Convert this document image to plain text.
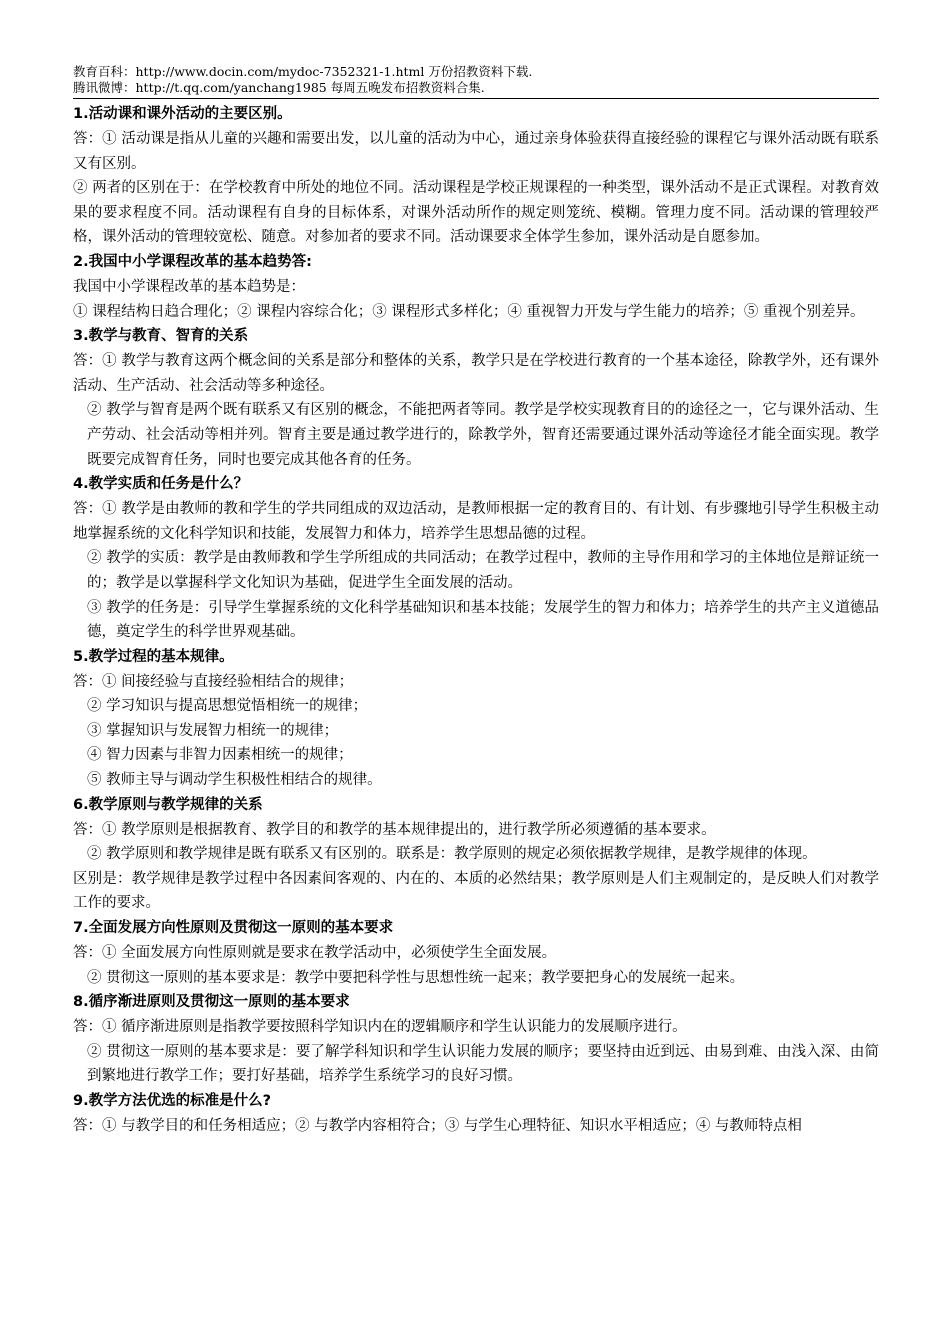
教育百科：http://www.docin.com/mydoc-7352321-1.html 万份招教资料下载.
腾讯微博：http://t.qq.com/yanchang1985 每周五晚发布招教资料合集.
1.活动课和课外活动的主要区别。
答：① 活动课是指从儿童的兴趣和需要出发，以儿童的活动为中心，通过亲身体验获得直接经验的课程它与课外活动既有联系又有区别。
② 两者的区别在于：在学校教育中所处的地位不同。活动课程是学校正规课程的一种类型，课外活动不是正式课程。对教育效果的要求程度不同。活动课程有自身的目标体系，对课外活动所作的规定则笼统、模糊。管理力度不同。活动课的管理较严格，课外活动的管理较宽松、随意。对参加者的要求不同。活动课要求全体学生参加，课外活动是自愿参加。
2.我国中小学课程改革的基本趋势答:
我国中小学课程改革的基本趋势是：
① 课程结构日趋合理化；② 课程内容综合化；③ 课程形式多样化；④ 重视智力开发与学生能力的培养；⑤ 重视个别差异。
3.教学与教育、智育的关系
答：① 教学与教育这两个概念间的关系是部分和整体的关系，教学只是在学校进行教育的一个基本途径，除教学外，还有课外活动、生产活动、社会活动等多种途径。
② 教学与智育是两个既有联系又有区别的概念，不能把两者等同。教学是学校实现教育目的的途径之一，它与课外活动、生产劳动、社会活动等相并列。智育主要是通过教学进行的，除教学外，智育还需要通过课外活动等途径才能全面实现。教学既要完成智育任务，同时也要完成其他各育的任务。
4.教学实质和任务是什么？
答：① 教学是由教师的教和学生的学共同组成的双边活动，是教师根据一定的教育目的、有计划、有步骤地引导学生积极主动地掌握系统的文化科学知识和技能，发展智力和体力，培养学生思想品德的过程。
② 教学的实质：教学是由教师教和学生学所组成的共同活动；在教学过程中，教师的主导作用和学习的主体地位是辩证统一的；教学是以掌握科学文化知识为基础，促进学生全面发展的活动。
③ 教学的任务是：引导学生掌握系统的文化科学基础知识和基本技能；发展学生的智力和体力；培养学生的共产主义道德品德，奠定学生的科学世界观基础。
5.教学过程的基本规律。
答：① 间接经验与直接经验相结合的规律；
② 学习知识与提高思想觉悟相统一的规律；
③ 掌握知识与发展智力相统一的规律；
④ 智力因素与非智力因素相统一的规律；
⑤ 教师主导与调动学生积极性相结合的规律。
6.教学原则与教学规律的关系
答：① 教学原则是根据教育、教学目的和教学的基本规律提出的，进行教学所必须遵循的基本要求。
② 教学原则和教学规律是既有联系又有区别的。联系是：教学原则的规定必须依据教学规律，是教学规律的体现。
区别是：教学规律是教学过程中各因素间客观的、内在的、本质的必然结果；教学原则是人们主观制定的，是反映人们对教学工作的要求。
7.全面发展方向性原则及贯彻这一原则的基本要求
答：① 全面发展方向性原则就是要求在教学活动中，必须使学生全面发展。
② 贯彻这一原则的基本要求是：教学中要把科学性与思想性统一起来；教学要把身心的发展统一起来。
8.循序渐进原则及贯彻这一原则的基本要求
答：① 循序渐进原则是指教学要按照科学知识内在的逻辑顺序和学生认识能力的发展顺序进行。
② 贯彻这一原则的基本要求是：要了解学科知识和学生认识能力发展的顺序；要坚持由近到远、由易到难、由浅入深、由简到繁地进行教学工作；要打好基础，培养学生系统学习的良好习惯。
9.教学方法优选的标准是什么?
答：① 与教学目的和任务相适应；② 与教学内容相符合；③ 与学生心理特征、知识水平相适应；④ 与教师特点相
